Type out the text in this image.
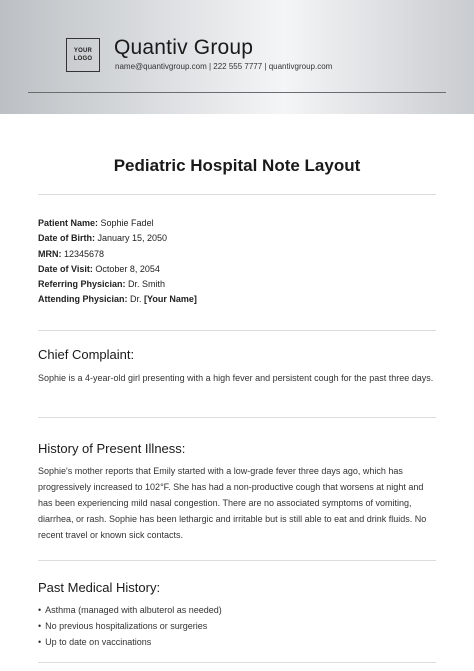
YOUR
LOGO Quantiv Group
name@quantivgroup.com | 222 555 7777 | quantivgroup.com
Pediatric Hospital Note Layout
Patient Name: Sophie Fadel
Date of Birth: January 15, 2050
MRN: 12345678
Date of Visit: October 8, 2054
Referring Physician: Dr. Smith
Attending Physician: Dr. [Your Name]
Chief Complaint:
Sophie is a 4-year-old girl presenting with a high fever and persistent cough for the past three days.
History of Present Illness:
Sophie's mother reports that Emily started with a low-grade fever three days ago, which has progressively increased to 102°F. She has had a non-productive cough that worsens at night and has been experiencing mild nasal congestion. There are no associated symptoms of vomiting, diarrhea, or rash. Sophie has been lethargic and irritable but is still able to eat and drink fluids. No recent travel or known sick contacts.
Past Medical History:
• Asthma (managed with albuterol as needed)
• No previous hospitalizations or surgeries
• Up to date on vaccinations
